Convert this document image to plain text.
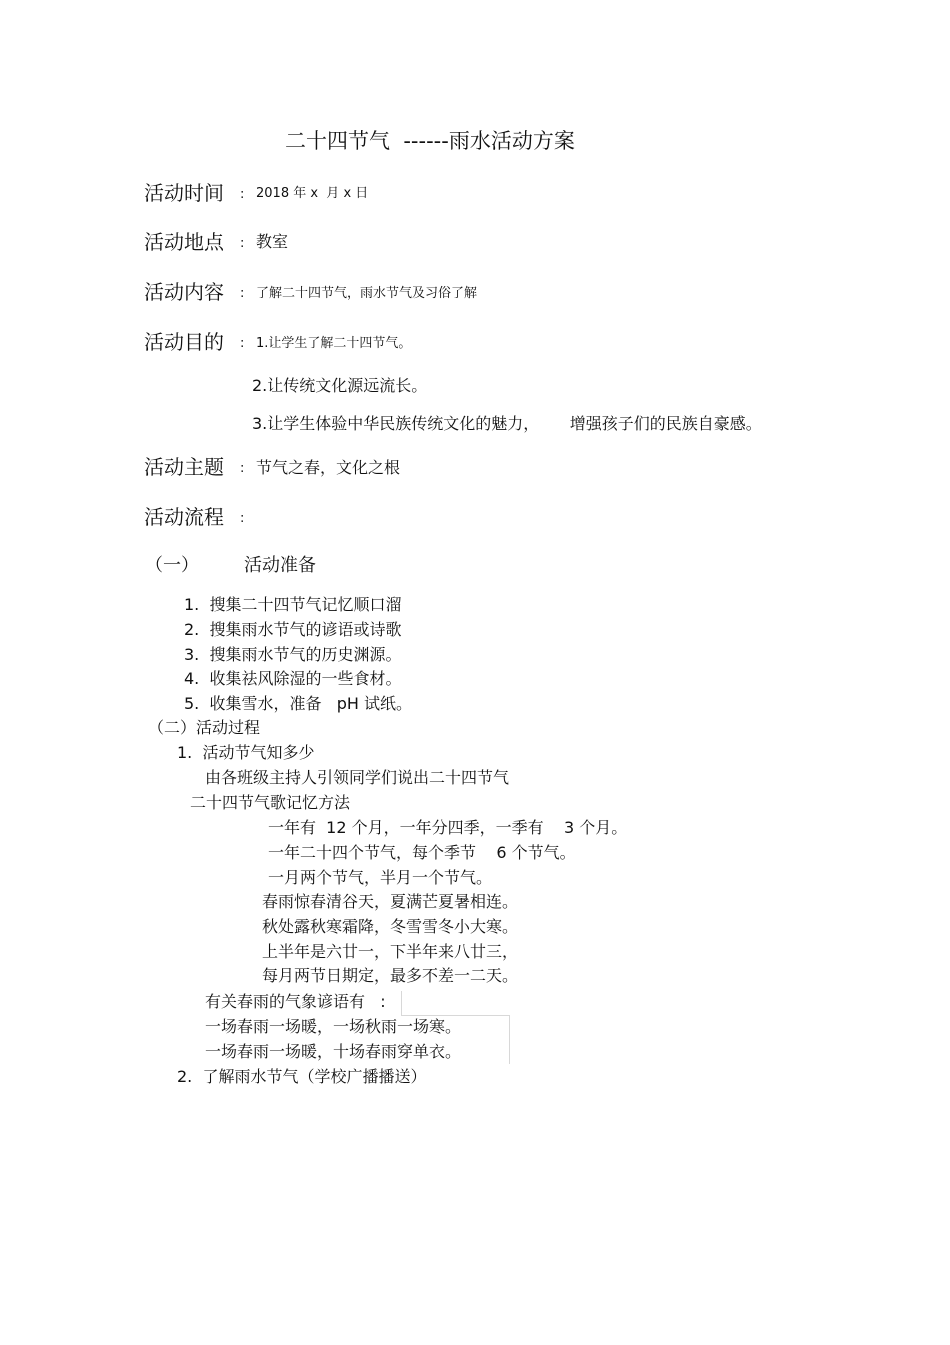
二十四节气  ------雨水活动方案
活动时间 : 2018 年 x  月 x 日
活动地点 : 教室
活动内容 : 了解二十四节气，雨水节气及习俗了解
活动目的 : 1.让学生了解二十四节气。
2.让传统文化源远流长。
3.让学生体验中华民族传统文化的魅力，      增强孩子们的民族自豪感。
活动主题 : 节气之春，文化之根
活动流程 :
（一）	活动准备
1.  搜集二十四节气记忆顺口溜
2.  搜集雨水节气的谚语或诗歌
3.  搜集雨水节气的历史渊源。
4.  收集祛风除湿的一些食材。
5.  收集雪水，准备   pH 试纸。
（二）活动过程
1.  活动节气知多少
由各班级主持人引领同学们说出二十四节气
二十四节气歌记忆方法
一年有  12 个月，一年分四季，一季有    3 个月。
一年二十四个节气，每个季节    6 个节气。
一月两个节气，半月一个节气。
春雨惊春清谷天，夏满芒夏暑相连。
秋处露秋寒霜降，冬雪雪冬小大寒。
上半年是六廿一，下半年来八廿三，
每月两节日期定，最多不差一二天。
有关春雨的气象谚语有   :
一场春雨一场暖，一场秋雨一场寒。
一场春雨一场暖，十场春雨穿单衣。
2.  了解雨水节气（学校广播播送）
